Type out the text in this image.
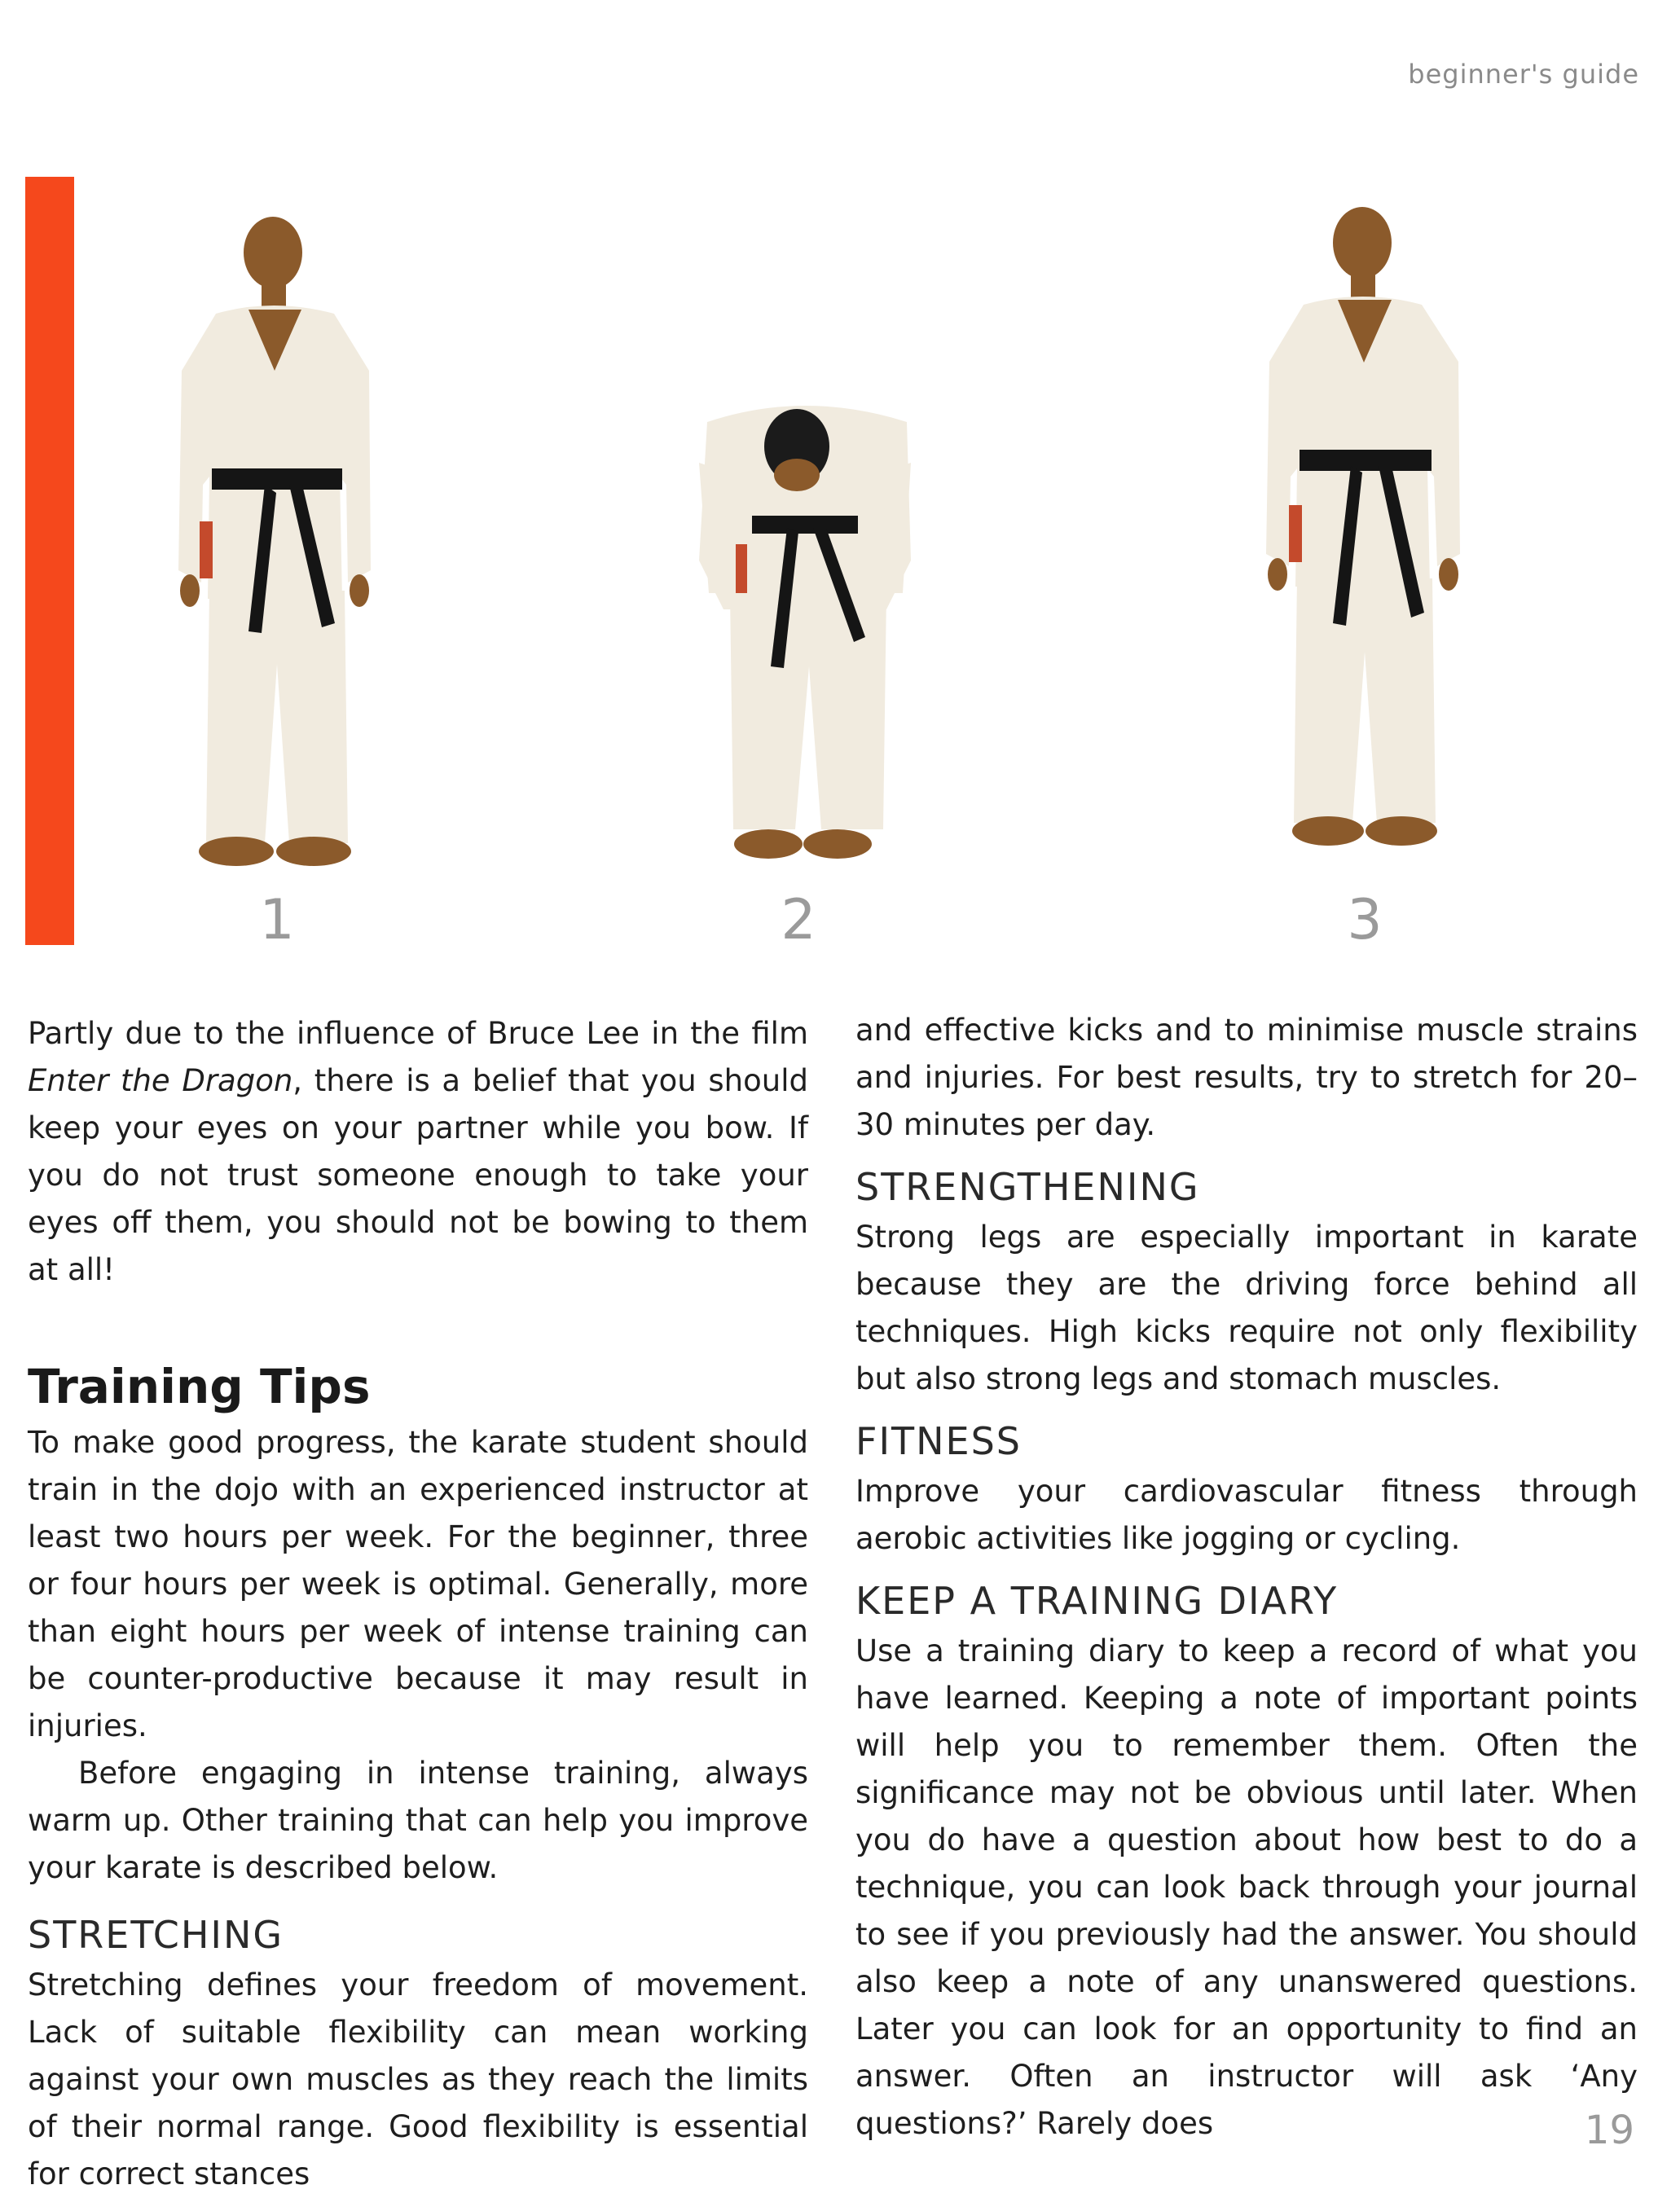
beginner's guide
1	2	3

Partly due to the influence of Bruce Lee in the film Enter the Dragon, there is a belief that you should keep your eyes on your partner while you bow. If you do not trust someone enough to take your eyes off them, you should not be bowing to them at all!

Training Tips

To make good progress, the karate student should train in the dojo with an experienced instructor at least two hours per week. For the beginner, three or four hours per week is optimal. Generally, more than eight hours per week of intense training can be counter-productive because it may result in injuries.

Before engaging in intense training, always warm up. Other training that can help you improve your karate is described below.

STRETCHING

Stretching defines your freedom of movement. Lack of suitable flexibility can mean working against your own muscles as they reach the limits of their normal range. Good flexibility is essential for correct stances

and effective kicks and to minimise muscle strains and injuries. For best results, try to stretch for 20–30 minutes per day.

STRENGTHENING

Strong legs are especially important in karate because they are the driving force behind all techniques. High kicks require not only flexibility but also strong legs and stomach muscles.

FITNESS

Improve your cardiovascular fitness through aerobic activities like jogging or cycling.

KEEP A TRAINING DIARY

Use a training diary to keep a record of what you have learned. Keeping a note of important points will help you to remember them. Often the significance may not be obvious until later. When you do have a question about how best to do a technique, you can look back through your journal to see if you previously had the answer. You should also keep a note of any unanswered questions. Later you can look for an opportunity to find an answer. Often an instructor will ask ‘Any questions?’ Rarely does	19
